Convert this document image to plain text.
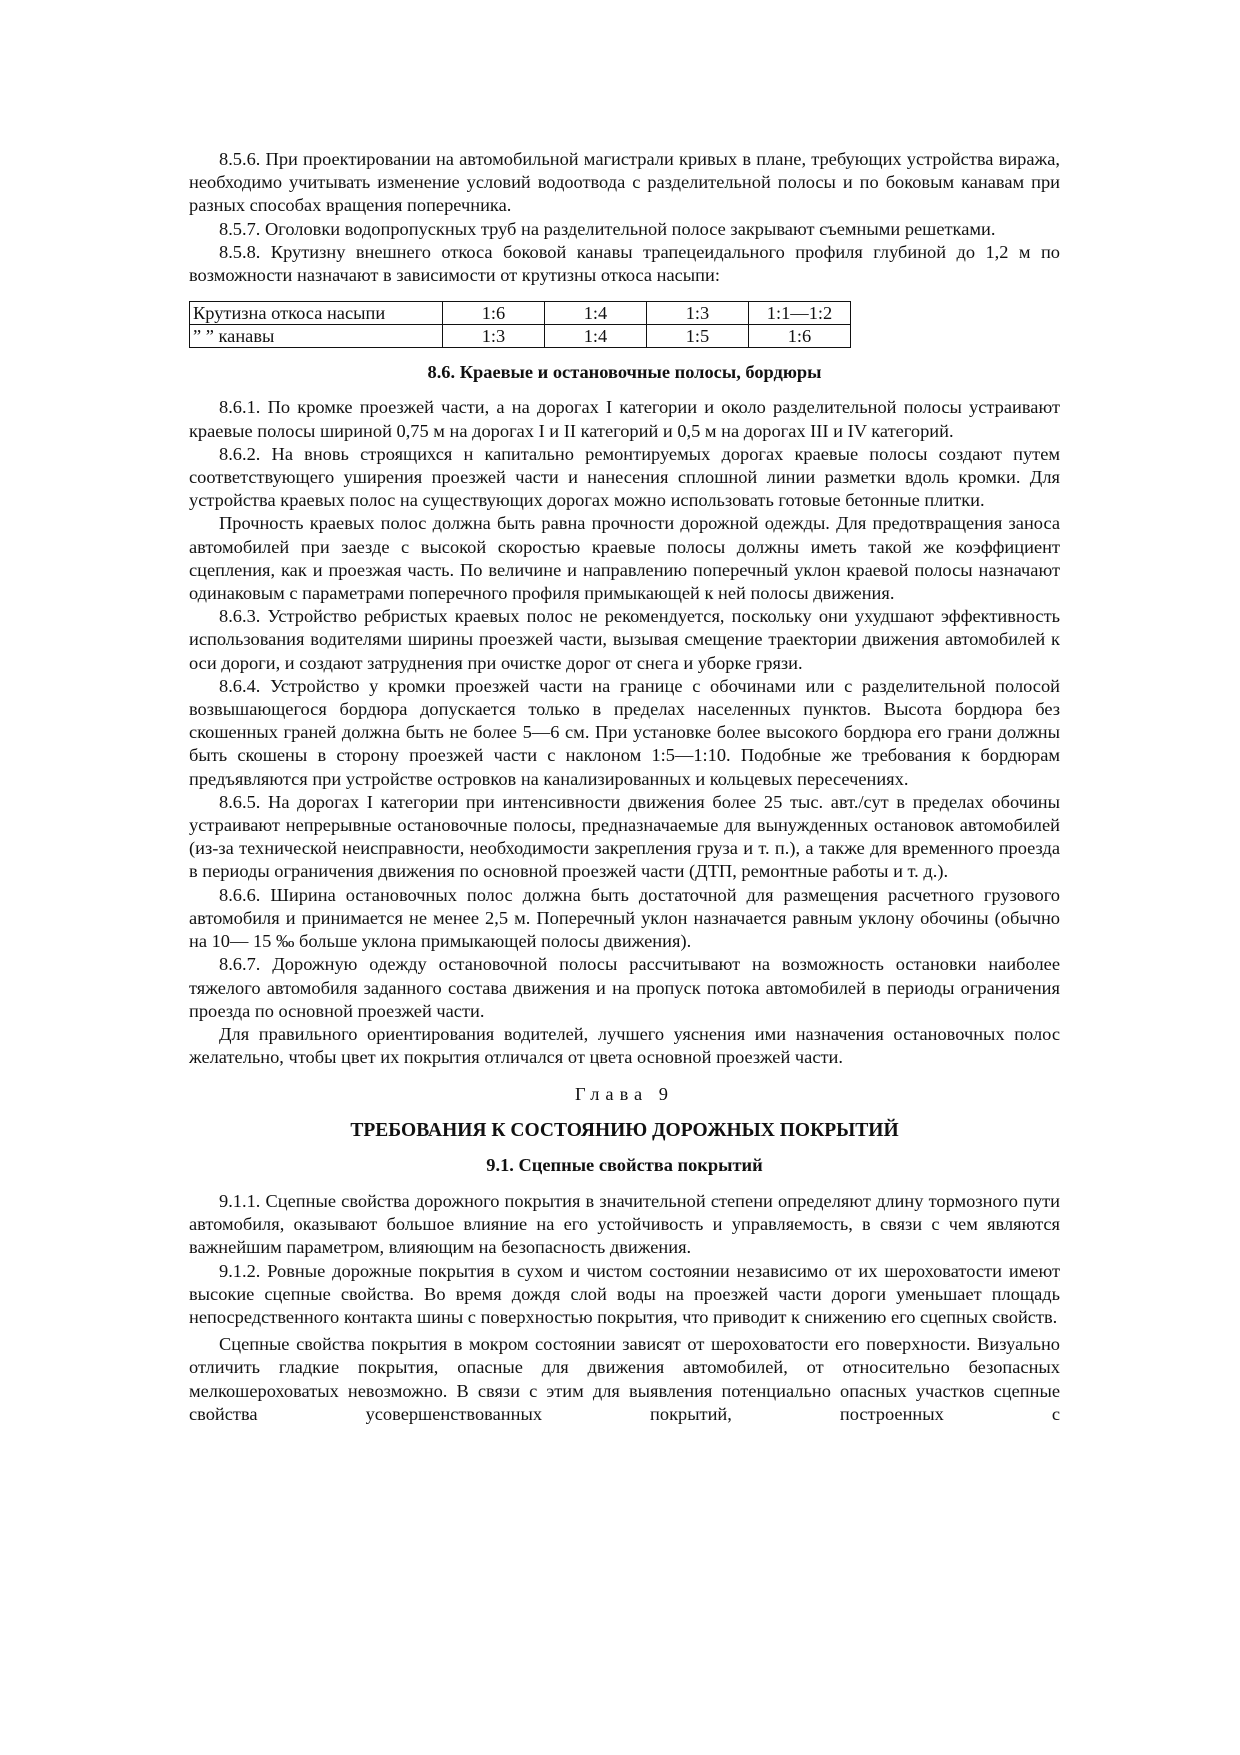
8.5.6. При проектировании на автомобильной магистрали кривых в плане, требующих устройства виража, необходимо учитывать изменение условий водоотвода с разделительной полосы и по боковым канавам при разных способах вращения поперечника.

8.5.7. Оголовки водопропускных труб на разделительной полосе закрывают съемными решетками.

8.5.8. Крутизну внешнего откоса боковой канавы трапецеидального профиля глубиной до 1,2 м по возможности назначают в зависимости от крутизны откоса насыпи:

Крутизна откоса насыпи	1:6	1:4	1:3	1:1—1:2
” ” канавы	1:3	1:4	1:5	1:6

8.6. Краевые и остановочные полосы, бордюры

8.6.1. По кромке проезжей части, а на дорогах I категории и около разделительной полосы устраивают краевые полосы шириной 0,75 м на дорогах I и II категорий и 0,5 м на дорогах III и IV категорий.

8.6.2. На вновь строящихся н капитально ремонтируемых дорогах краевые полосы создают путем соответствующего уширения проезжей части и нанесения сплошной линии разметки вдоль кромки. Для устройства краевых полос на существующих дорогах можно использовать готовые бетонные плитки.

Прочность краевых полос должна быть равна прочности дорожной одежды. Для предотвращения заноса автомобилей при заезде с высокой скоростью краевые полосы должны иметь такой же коэффициент сцепления, как и проезжая часть. По величине и направлению поперечный уклон краевой полосы назначают одинаковым с параметрами поперечного профиля примыкающей к ней полосы движения.

8.6.3. Устройство ребристых краевых полос не рекомендуется, поскольку они ухудшают эффективность использования водителями ширины проезжей части, вызывая смещение траектории движения автомобилей к оси дороги, и создают затруднения при очистке дорог от снега и уборке грязи.

8.6.4. Устройство у кромки проезжей части на границе с обочинами или с разделительной полосой возвышающегося бордюра допускается только в пределах населенных пунктов. Высота бордюра без скошенных граней должна быть не более 5—6 см. При установке более высокого бордюра его грани должны быть скошены в сторону проезжей части с наклоном 1:5—1:10. Подобные же требования к бордюрам предъявляются при устройстве островков на канализированных и кольцевых пересечениях.

8.6.5. На дорогах I категории при интенсивности движения более 25 тыс. авт./сут в пределах обочины устраивают непрерывные остановочные полосы, предназначаемые для вынужденных остановок автомобилей (из-за технической неисправности, необходимости закрепления груза и т. п.), а также для временного проезда в периоды ограничения движения по основной проезжей части (ДТП, ремонтные работы и т. д.).

8.6.6. Ширина остановочных полос должна быть достаточной для размещения расчетного грузового автомобиля и принимается не менее 2,5 м. Поперечный уклон назначается равным уклону обочины (обычно на 10— 15 ‰ больше уклона примыкающей полосы движения).

8.6.7. Дорожную одежду остановочной полосы рассчитывают на возможность остановки наиболее тяжелого автомобиля заданного состава движения и на пропуск потока автомобилей в периоды ограничения проезда по основной проезжей части.

Для правильного ориентирования водителей, лучшего уяснения ими назначения остановочных полос желательно, чтобы цвет их покрытия отличался от цвета основной проезжей части.

Глава 9

ТРЕБОВАНИЯ К СОСТОЯНИЮ ДОРОЖНЫХ ПОКРЫТИЙ

9.1. Сцепные свойства покрытий

9.1.1. Сцепные свойства дорожного покрытия в значительной степени определяют длину тормозного пути автомобиля, оказывают большое влияние на его устойчивость и управляемость, в связи с чем являются важнейшим параметром, влияющим на безопасность движения.

9.1.2. Ровные дорожные покрытия в сухом и чистом состоянии независимо от их шероховатости имеют высокие сцепные свойства. Во время дождя слой воды на проезжей части дороги уменьшает площадь непосредственного контакта шины с поверхностью покрытия, что приводит к снижению его сцепных свойств.

Сцепные свойства покрытия в мокром состоянии зависят от шероховатости его поверхности. Визуально отличить гладкие покрытия, опасные для движения автомобилей, от относительно безопасных мелкошероховатых невозможно. В связи с этим для выявления потенциально опасных участков сцепные свойства усовершенствованных покрытий, построенных с
